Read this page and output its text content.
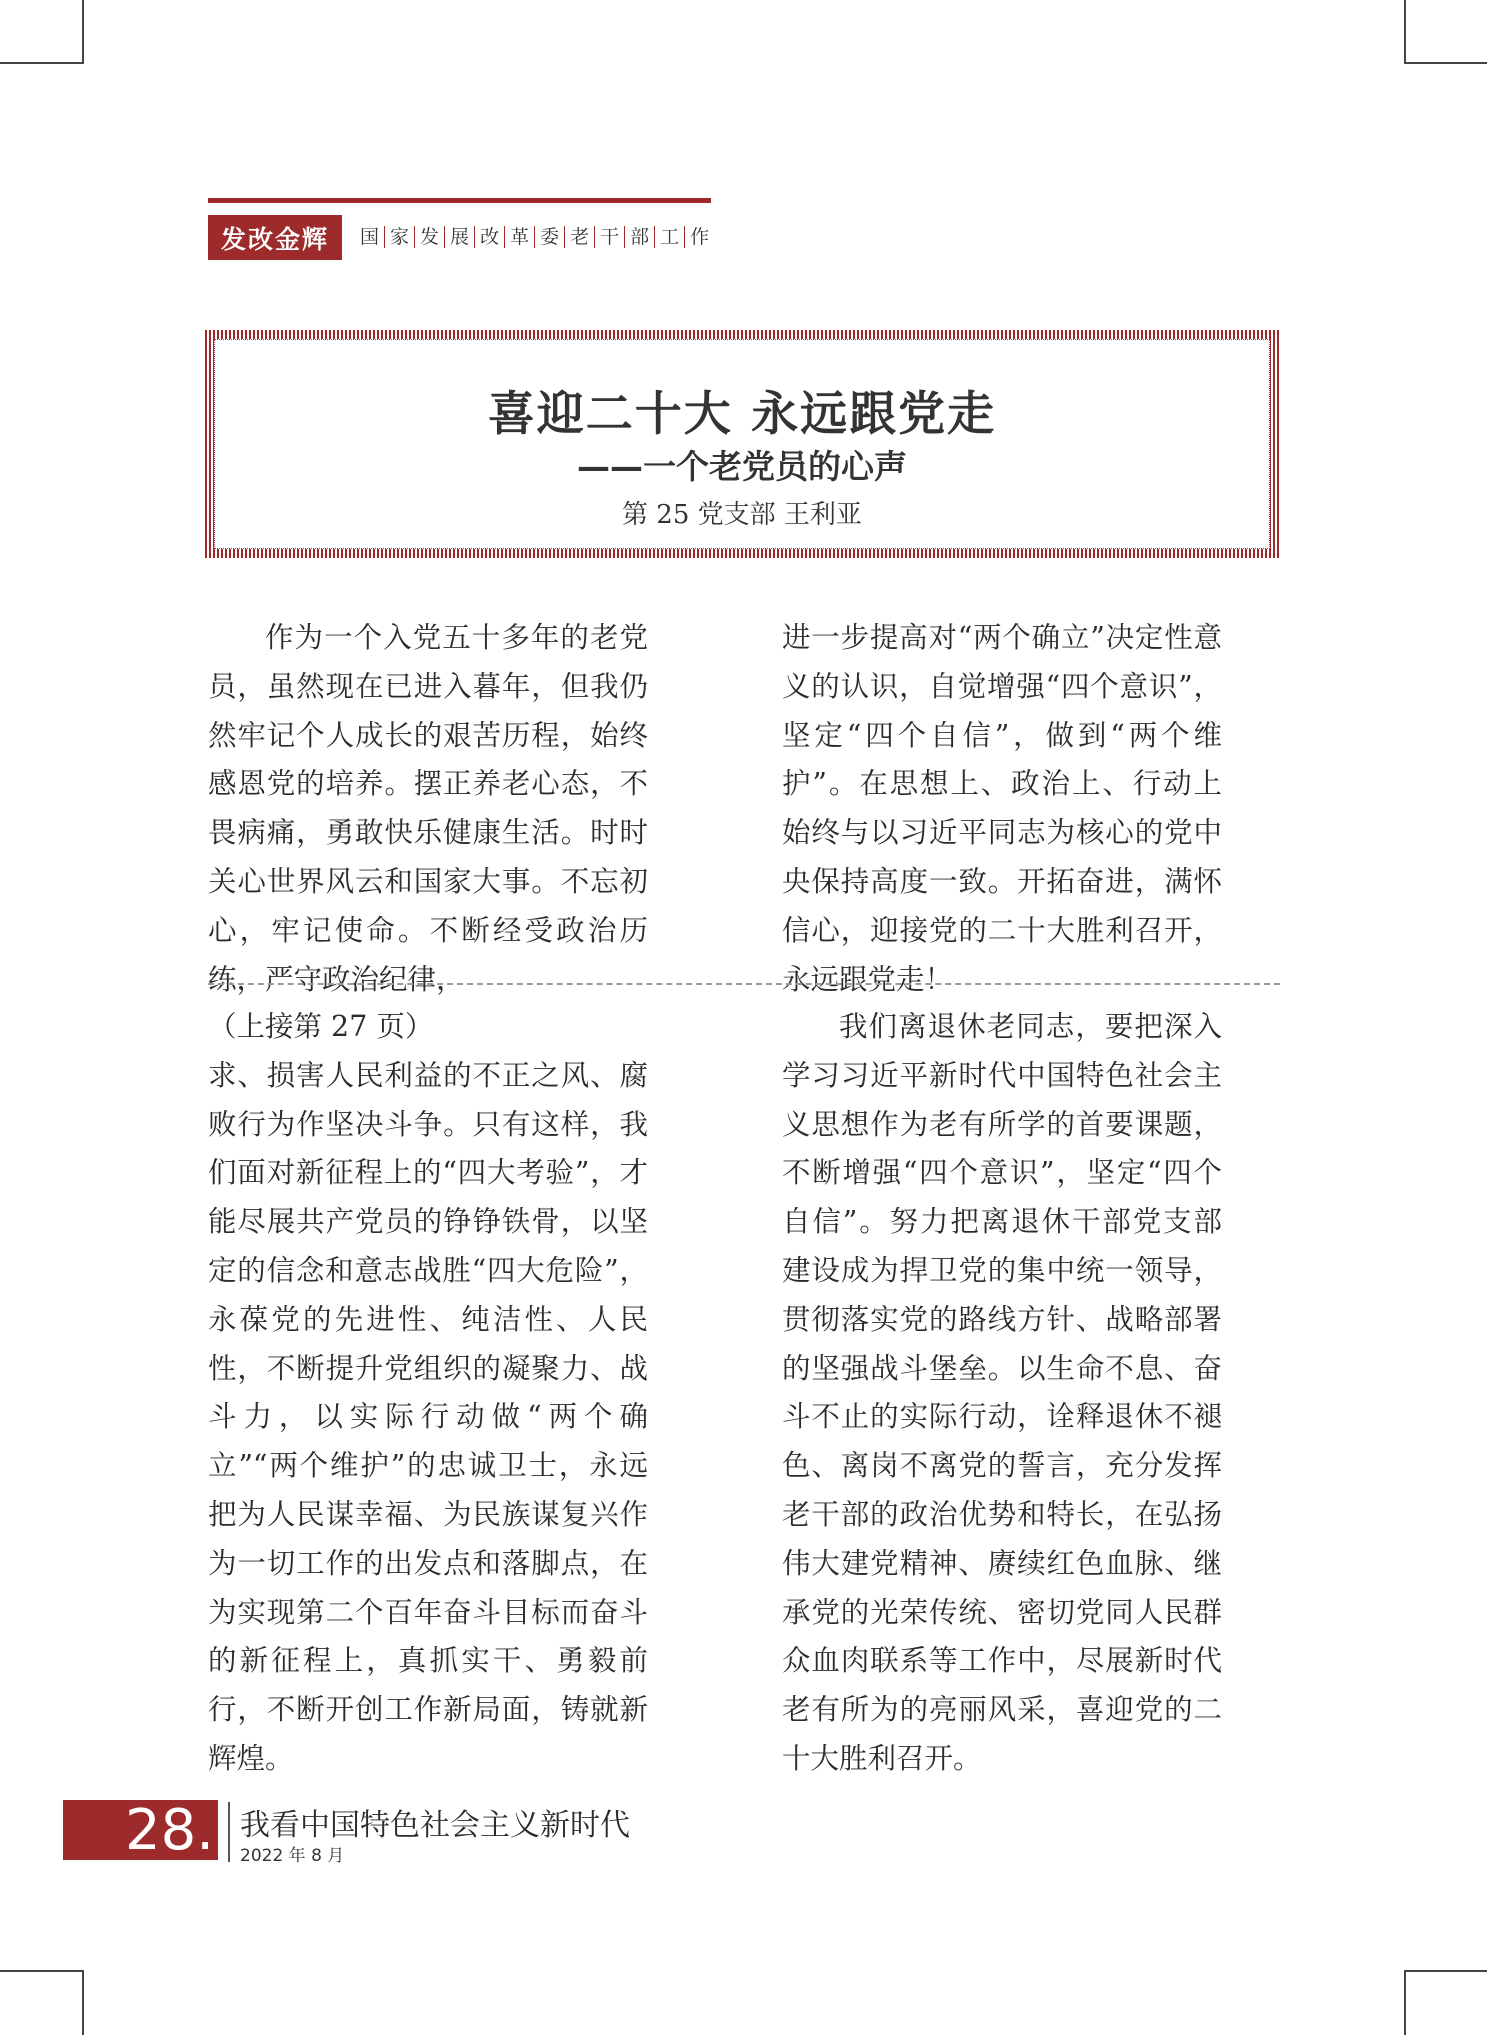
发改金辉	国 家 发 展 改 革 委 老 干 部 工 作
喜迎二十大 永远跟党走
——一个老党员的心声
第 25 党支部 王利亚

作为一个入党五十多年的老党员，虽然现在已进入暮年，但我仍然牢记个人成长的艰苦历程，始终感恩党的培养。摆正养老心态，不畏病痛，勇敢快乐健康生活。时时关心世界风云和国家大事。不忘初心，牢记使命。不断经受政治历练，严守政治纪律，

进一步提高对“两个确立”决定性意义的认识，自觉增强“四个意识”，坚定“四个自信”，做到“两个维护”。在思想上、政治上、行动上始终与以习近平同志为核心的党中央保持高度一致。开拓奋进，满怀信心，迎接党的二十大胜利召开，永远跟党走！

（上接第 27 页）

求、损害人民利益的不正之风、腐败行为作坚决斗争。只有这样，我们面对新征程上的“四大考验”，才能尽展共产党员的铮铮铁骨，以坚定的信念和意志战胜“四大危险”，永葆党的先进性、纯洁性、人民性，不断提升党组织的凝聚力、战斗力，以实际行动做“两个确立”“两个维护”的忠诚卫士，永远把为人民谋幸福、为民族谋复兴作为一切工作的出发点和落脚点，在为实现第二个百年奋斗目标而奋斗的新征程上，真抓实干、勇毅前行，不断开创工作新局面，铸就新辉煌。

我们离退休老同志，要把深入学习习近平新时代中国特色社会主义思想作为老有所学的首要课题，不断增强“四个意识”，坚定“四个自信”。努力把离退休干部党支部建设成为捍卫党的集中统一领导，贯彻落实党的路线方针、战略部署的坚强战斗堡垒。以生命不息、奋斗不止的实际行动，诠释退休不褪色、离岗不离党的誓言，充分发挥老干部的政治优势和特长，在弘扬伟大建党精神、赓续红色血脉、继承党的光荣传统、密切党同人民群众血肉联系等工作中，尽展新时代老有所为的亮丽风采，喜迎党的二十大胜利召开。

28. 我看中国特色社会主义新时代
2022 年 8 月
